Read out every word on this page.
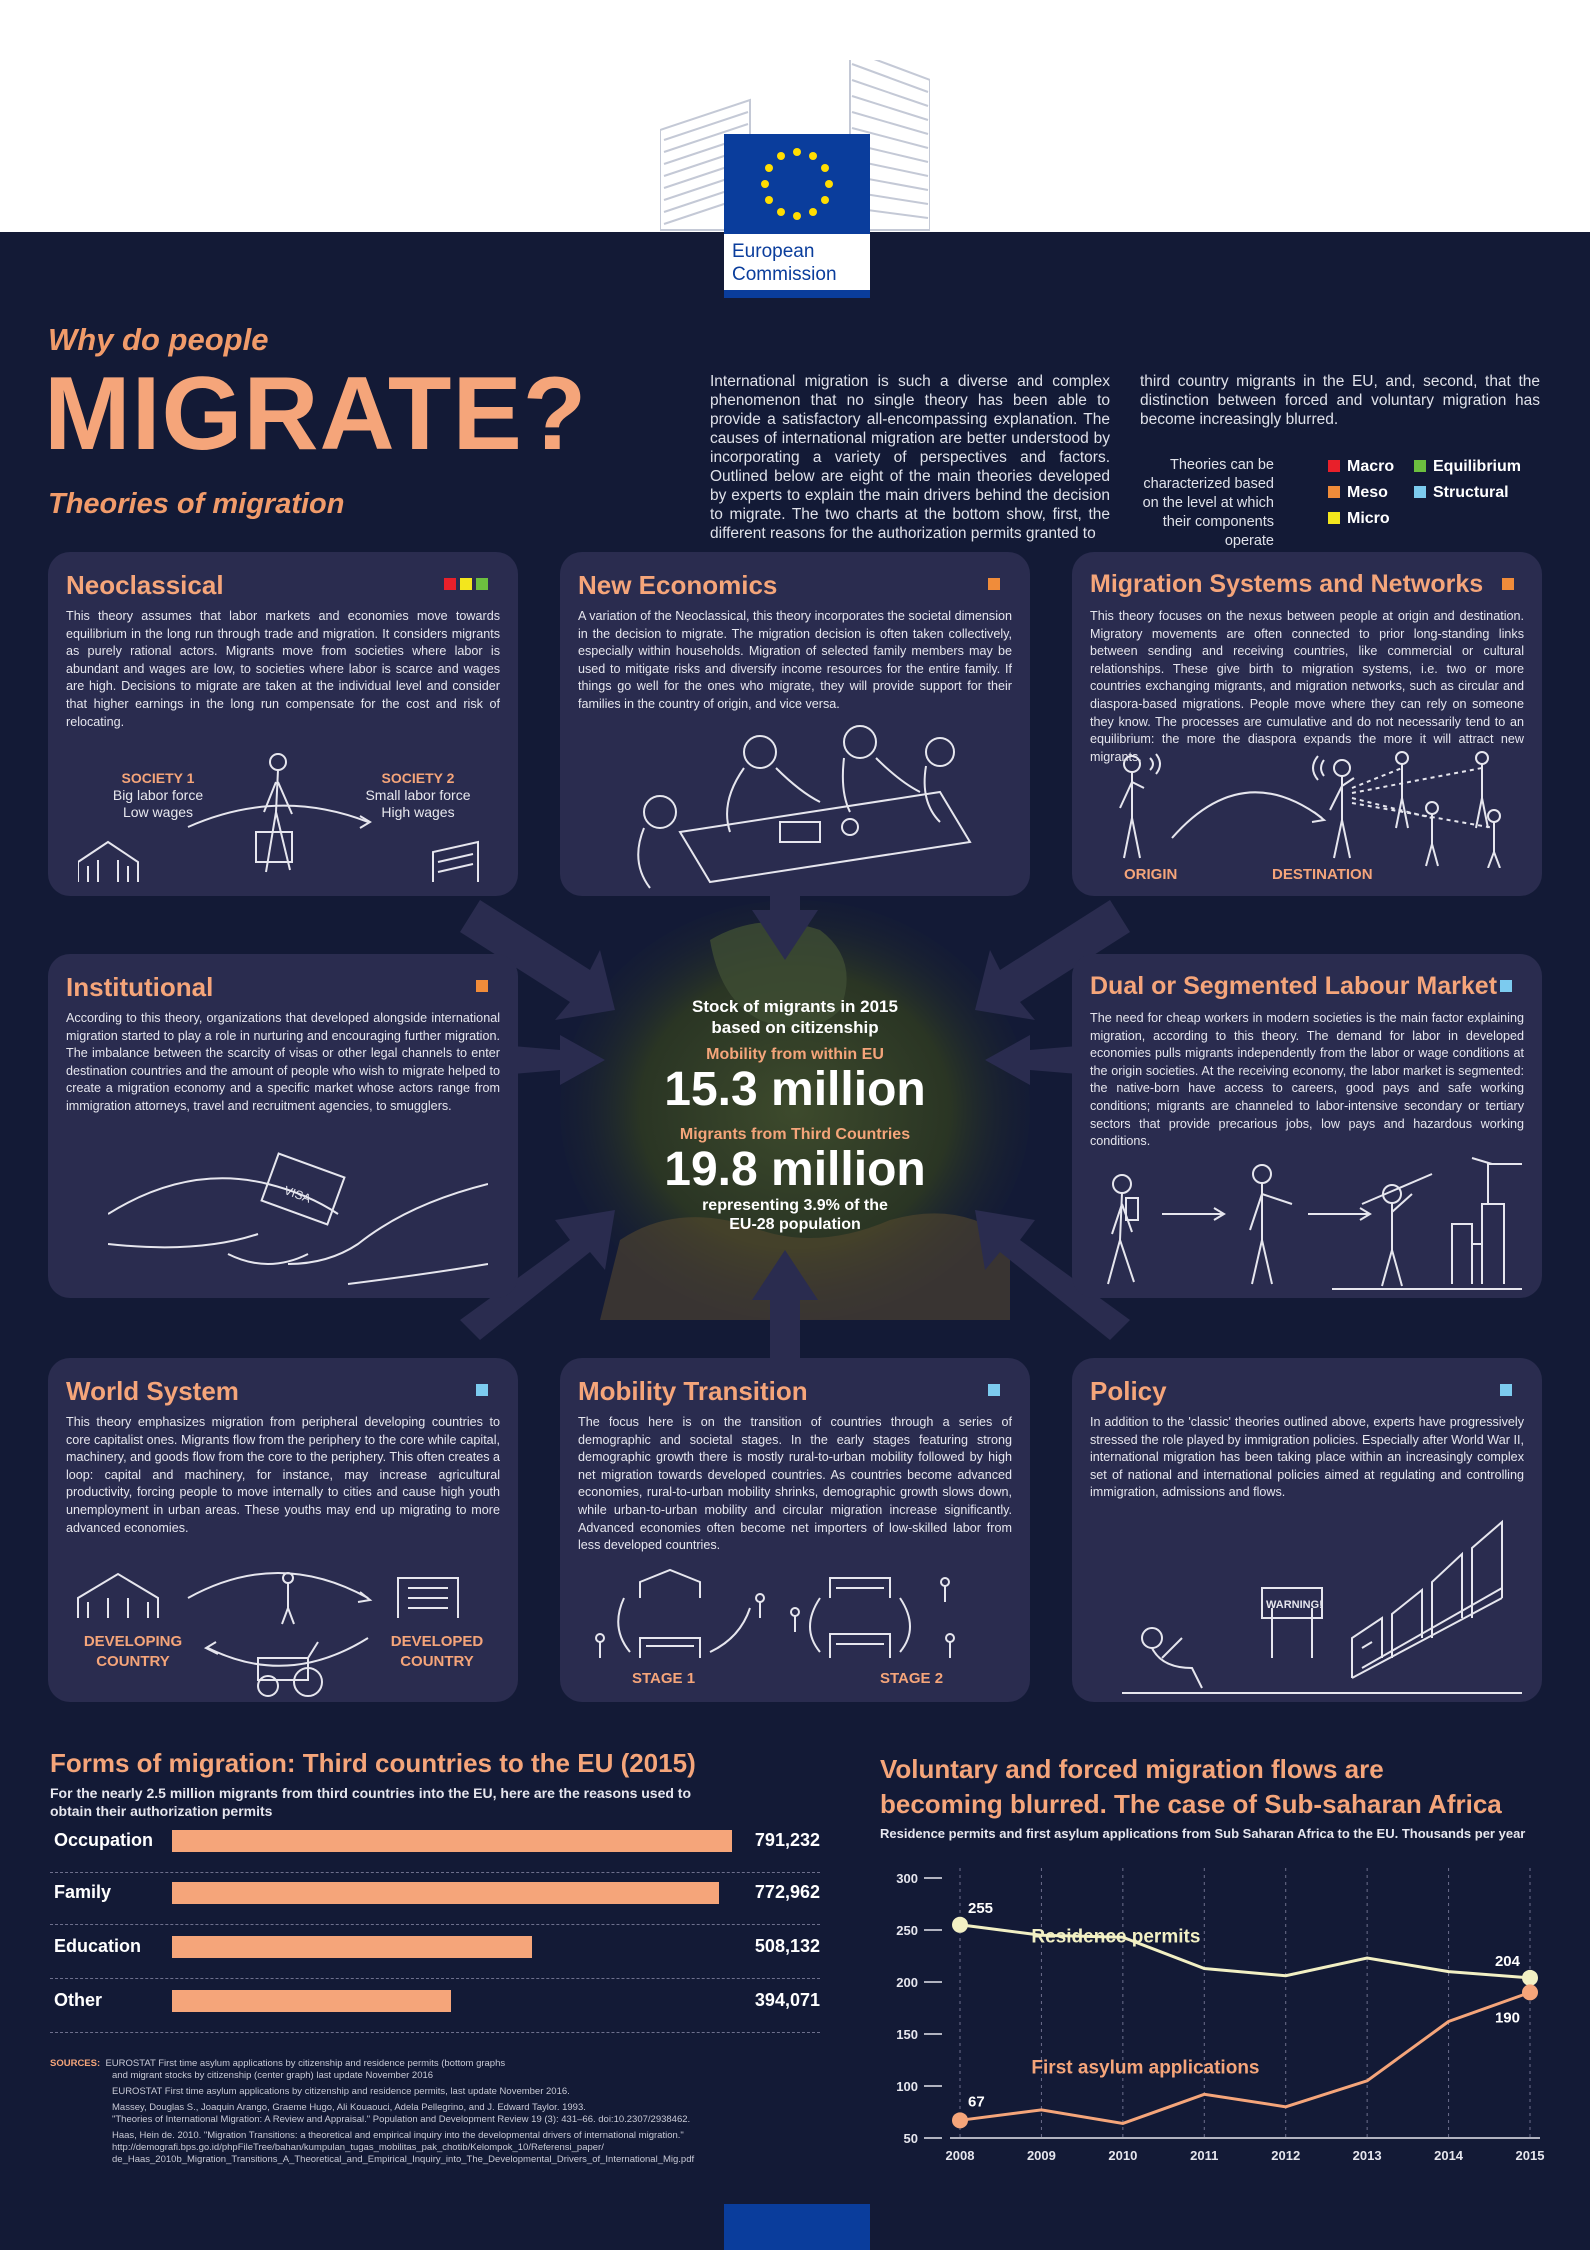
European
Commission
Why do people
MIGRATE?
Theories of migration
International migration is such a diverse and complex phenomenon that no single theory has been able to provide a satisfactory all-encompassing explanation. The causes of international migration are better understood by incorporating a variety of perspectives and factors. Outlined below are eight of the main theories developed by experts to explain the main drivers behind the decision to migrate. The two charts at the bottom show, first, the different reasons for the authorization permits granted to
third country migrants in the EU, and, second, that the distinction between forced and voluntary migration has become increasingly blurred.
Theories can be characterized based on the level at which their components operate
Macro
Meso
Micro
Equilibrium
Structural
Stock of migrants in 2015
based on citizenship
Mobility from within EU
15.3 million
Migrants from Third Countries
19.8 million
representing 3.9% of the
EU-28 population
Neoclassical

This theory assumes that labor markets and economies move towards equilibrium in the long run through trade and migration. It considers migrants as purely rational actors. Migrants move from societies where labor is abundant and wages are low, to societies where labor is scarce and wages are high. Decisions to migrate are taken at the individual level and consider that higher earnings in the long run compensate for the cost and risk of relocating.

SOCIETY 1
Big labor force
Low wages
SOCIETY 2
Small labor force
High wages
New Economics

A variation of the Neoclassical, this theory incorporates the societal dimension in the decision to migrate. The migration decision is often taken collectively, especially within households. Migration of selected family members may be used to mitigate risks and diversify income resources for the entire family. If things go well for the ones who migrate, they will provide support for their families in the country of origin, and vice versa.

Migration Systems and Networks

This theory focuses on the nexus between people at origin and destination. Migratory movements are often connected to prior long-standing links between sending and receiving countries, like commercial or cultural relationships. These give birth to migration systems, i.e. two or more countries exchanging migrants, and migration networks, such as circular and diaspora-based migrations. People move where they can rely on someone they know. The processes are cumulative and do not necessarily tend to an equilibrium: the more the diaspora expands the more it will attract new migrants.

ORIGIN	DESTINATION
Institutional

According to this theory, organizations that developed alongside international migration started to play a role in nurturing and encouraging further migration. The imbalance between the scarcity of visas or other legal channels to enter destination countries and the amount of people who wish to migrate helped to create a migration economy and a specific market whose actors range from immigration attorneys, travel and recruitment agencies, to smugglers.

VISA
Dual or Segmented Labour Market

The need for cheap workers in modern societies is the main factor explaining migration, according to this theory. The demand for labor in developed economies pulls migrants independently from the labor or wage conditions at the origin societies. At the receiving economy, the labor market is segmented: the native-born have access to careers, good pays and safe working conditions; migrants are channeled to labor-intensive secondary or tertiary sectors that provide precarious jobs, low pays and hazardous working conditions.

World System

This theory emphasizes migration from peripheral developing countries to core capitalist ones. Migrants flow from the periphery to the core while capital, machinery, and goods flow from the core to the periphery. This often creates a loop: capital and machinery, for instance, may increase agricultural productivity, forcing people to move internally to cities and cause high youth unemployment in urban areas. These youths may end up migrating to more advanced economies.

DEVELOPING
COUNTRY
DEVELOPED
COUNTRY
Mobility Transition

The focus here is on the transition of countries through a series of demographic and societal stages. In the early stages featuring strong demographic growth there is mostly rural-to-urban mobility followed by high net migration towards developed countries. As countries become advanced economies, rural-to-urban mobility shrinks, demographic growth slows down, while urban-to-urban mobility and circular migration increase significantly. Advanced economies often become net importers of low-skilled labor from less developed countries.

STAGE 1	STAGE 2
Policy

In addition to the 'classic' theories outlined above, experts have progressively stressed the role played by immigration policies. Especially after World War II, international migration has been taking place within an increasingly complex set of national and international policies aimed at regulating and controlling immigration, admissions and flows.

WARNING!
Forms of migration: Third countries to the EU (2015)
For the nearly 2.5 million migrants from third countries into the EU, here are the reasons used to obtain their authorization permits
Occupation	791,232
Family	772,962
Education	508,132
Other	394,071
SOURCES: EUROSTAT First time asylum applications by citizenship and residence permits (bottom graphs
and migrant stocks by citizenship (center graph) last update November 2016
EUROSTAT First time asylum applications by citizenship and residence permits, last update November 2016.
Massey, Douglas S., Joaquin Arango, Graeme Hugo, Ali Kouaouci, Adela Pellegrino, and J. Edward Taylor. 1993.
"Theories of International Migration: A Review and Appraisal." Population and Development Review 19 (3): 431–66. doi:10.2307/2938462.
Haas, Hein de. 2010. "Migration Transitions: a theoretical and empirical inquiry into the developmental drivers of international migration."
http://demografi.bps.go.id/phpFileTree/bahan/kumpulan_tugas_mobilitas_pak_chotib/Kelompok_10/Referensi_paper/
de_Haas_2010b_Migration_Transitions_A_Theoretical_and_Empirical_Inquiry_into_The_Developmental_Drivers_of_International_Mig.pdf
Voluntary and forced migration flows are
becoming blurred. The case of Sub-saharan Africa
Residence permits and first asylum applications from Sub Saharan Africa to the EU. Thousands per year
300
250
200
150
100
50
2008	2009	2010	2011	2012	2013	2014	2015
255
204
Residence permits
67
190
First asylum applications
